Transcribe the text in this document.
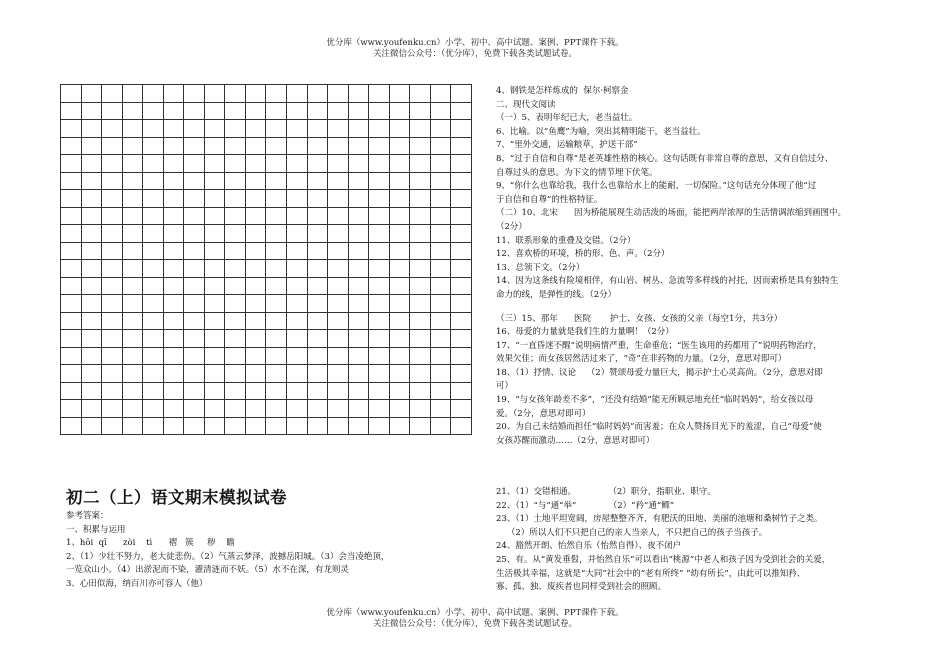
优分库（www.youfenku.cn）小学、初中、高中试题、案例、PPT课件下载。
关注微信公众号：（优分库），免费下载各类试题试卷。
4、钢铁是怎样炼成的  保尔·柯察金
二、现代文阅读
（一）5、表明年纪已大，老当益壮。
6、比喻。以“鱼鹰”为喻，突出其精明能干，老当益壮。
7、“里外交通，运输粮草，护送干部”
8、“过于自信和自尊”是老英雄性格的核心。这句话既有非常自尊的意思，又有自信过分、
自尊过头的意思。为下文的情节埋下伏笔。
9、“你什么也靠给我，我什么也靠给水上的能耐，一切保险。”这句话充分体现了他“过
于自信和自尊”的性格特征。
（二）10、北宋      因为桥能展现生动活泼的场面，能把两岸浓厚的生活情调浓缩到画图中。
（2分）
11、联系形象的重叠及交错。（2分）
12、喜欢桥的环境，桥的形、色、声。（2分）
13、总领下文。（2分）
14、因为这条线有险境相伴，有山岩、树丛、急流等多样线的衬托，因而索桥是具有独特生
命力的线，是弹性的线。（2分）
（三）15、那年      医院       护士、女孩、女孩的父亲（每空1分，共3分）
16、母爱的力量就是我们生的力量啊！（2分）
17、“一直昏迷不醒”说明病情严重，生命垂危；“医生该用的药都用了”说明药物治疗，
效果欠佳；而女孩居然活过来了，“奇”在非药物的力量。（2分，意思对即可）
18、（1）抒情、议论    （2）赞颂母爱力量巨大，揭示护士心灵高尚。（2分，意思对即
可）
19、“与女孩年龄差不多”，“还没有结婚”能无所顾忌地充任“临时妈妈”，给女孩以母
爱。（2分，意思对即可）
20、为自己未结婚而担任“临时妈妈”而害羞；在众人赞扬目光下的羞涩，自己“母爱”使
女孩苏醒而激动……（2分，意思对即可）
初二（上）语文期末模拟试卷
参考答案：
一、积累与运用
1、hōi  qī      zòi    tì      褶   簇     秽    瞻
2、（1）少壮不努力，老大徒悲伤。（2）气蒸云梦泽，波撼岳阳城。（3）会当凌绝顶，
一览众山小。（4）出淤泥而不染，濯清涟而不妖。（5）水不在深，有龙则灵
3、心田似海，纳百川亦可容人（他）
21、（1）交错相通。            （2）职分，指职业、职守。
22、（1）“与”通“举”            （2）“矜”通“鳏”
23、（1）土地平坦宽阔，房屋整整齐齐，有肥沃的田地、美丽的池塘和桑树竹子之类。
（2）所以人们不只把自己的亲人当亲人，不只把自己的孩子当孩子。
24、豁然开朗、怡然自乐（怡然自得）、夜不闭户
25、有。从“黄发垂髫，并怡然自乐”可以看出“桃源”中老人和孩子因为受到社会的关爱，
生活极其幸福，这就是“大同”社会中的“老有所终” “幼有所长”，由此可以推知矜、
寡、孤、独、废疾者也同样受到社会的照顾。
优分库（www.youfenku.cn）小学、初中、高中试题、案例、PPT课件下载。
关注微信公众号：（优分库），免费下载各类试题试卷。
